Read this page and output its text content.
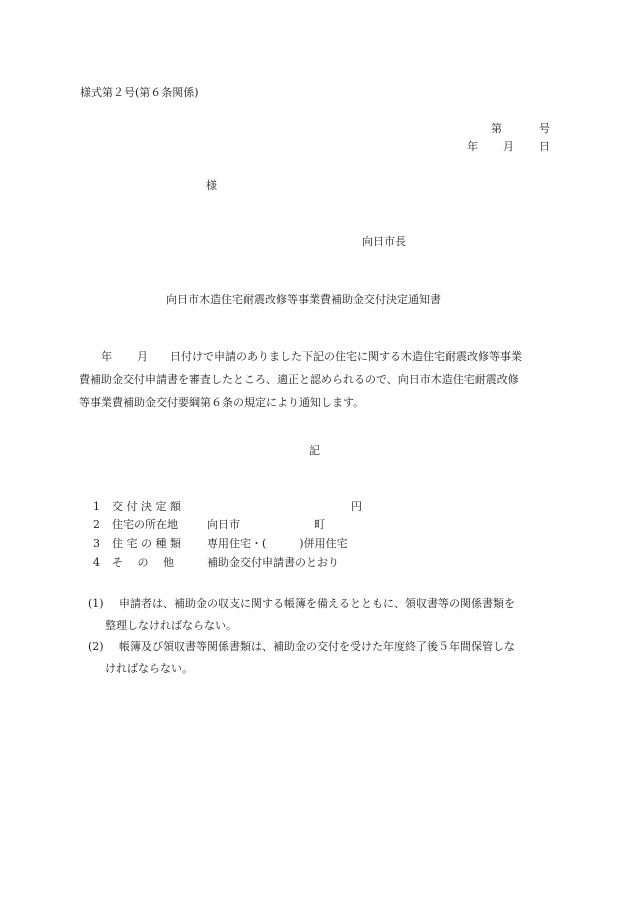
様式第２号(第６条関係)
第	号
年 月 日
様
向日市長
向日市木造住宅耐震改修等事業費補助金交付決定通知書
年 月 日付けで申請のありました下記の住宅に関する木造住宅耐震改修等事業
費補助金交付申請書を審査したところ、適正と認められるので、向日市木造住宅耐震改修
等事業費補助金交付要綱第６条の規定により通知します。
記
1 交 付 決 定 額	円
2 住宅の所在地	向日市	町
3 住 宅 の 種 類 専用住宅・(　　　)併用住宅
4 そ　 の 　他	補助金交付申請書のとおり
(1)	申請者は、補助金の収支に関する帳簿を備えるとともに、領収書等の関係書類を
整理しなければならない。
(2)	帳簿及び領収書等関係書類は、補助金の交付を受けた年度終了後５年間保管しな
ければならない。
